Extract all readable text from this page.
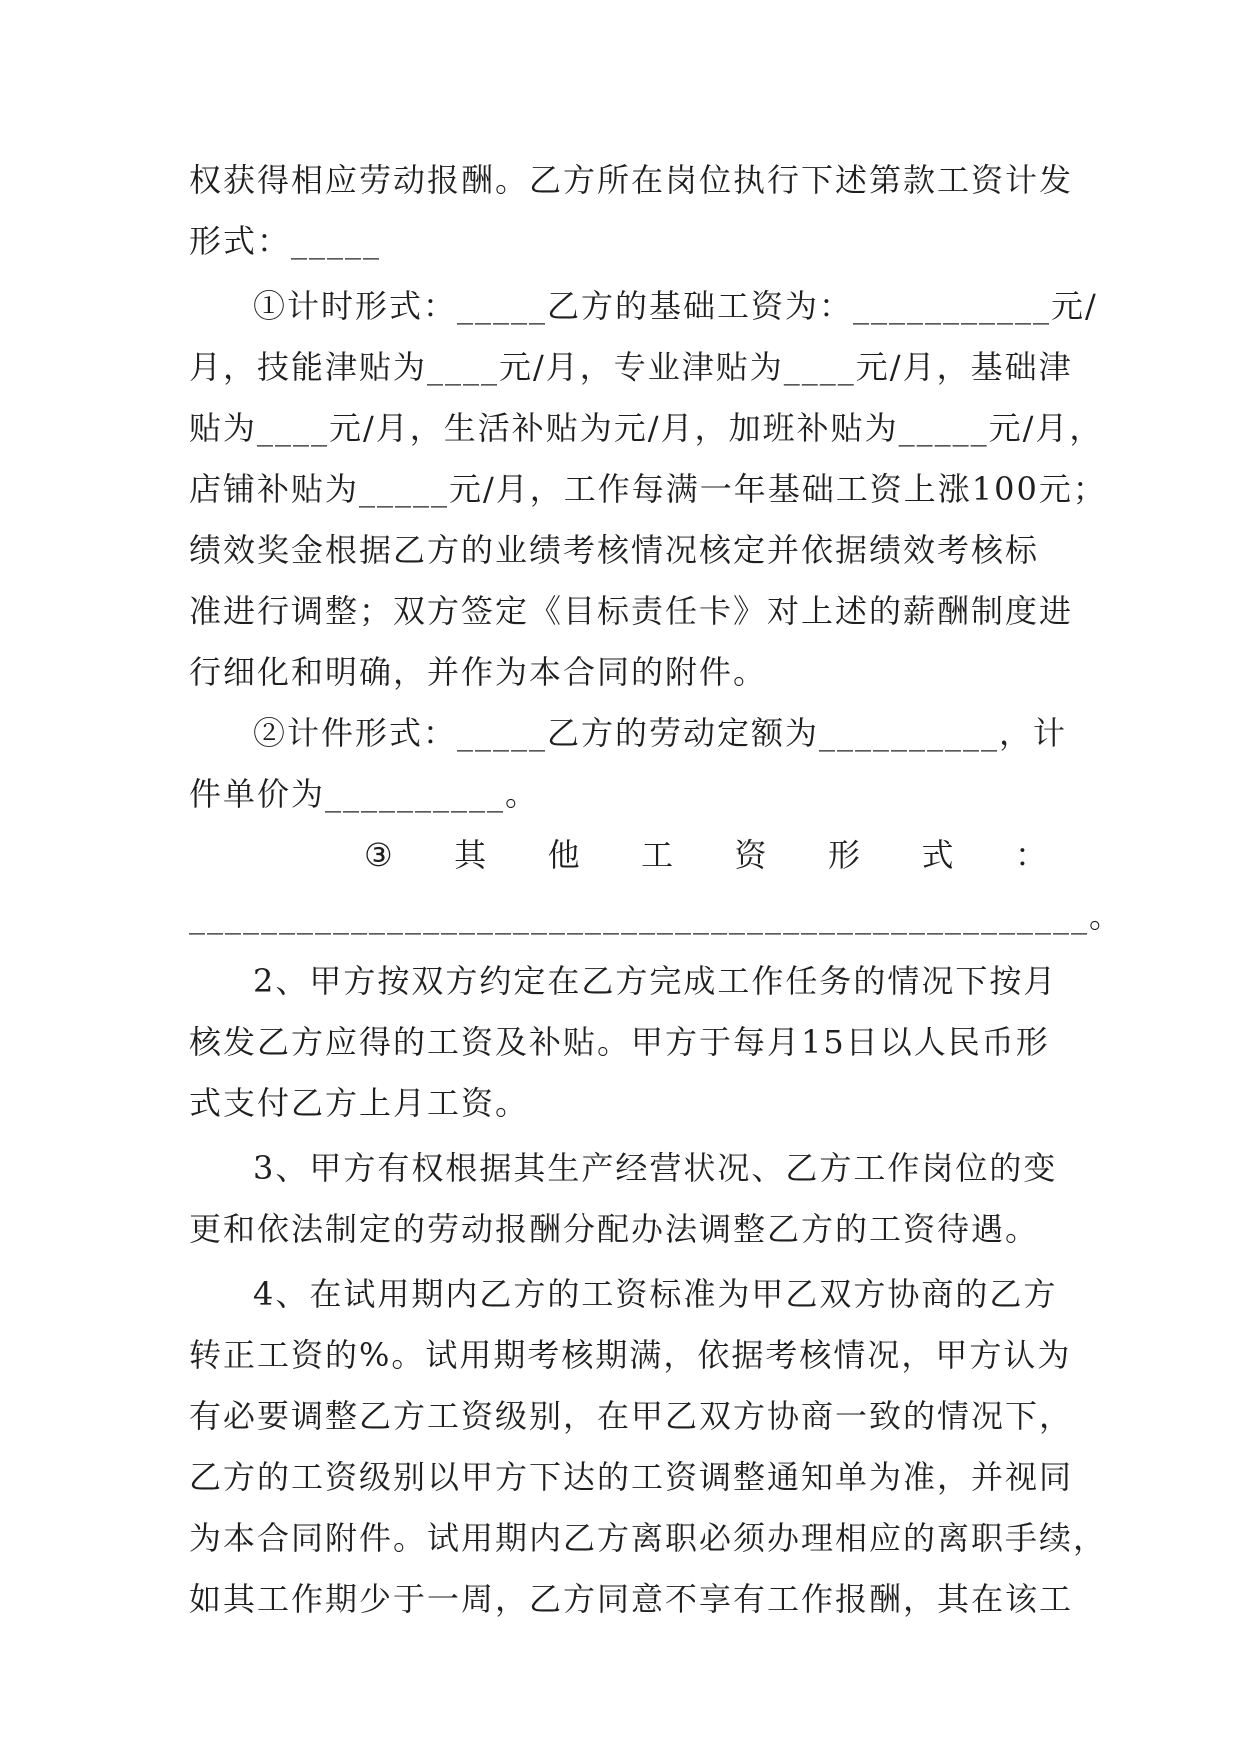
权获得相应劳动报酬。乙方所在岗位执行下述第款工资计发
形式：_____
①计时形式：_____乙方的基础工资为：___________元/
月，技能津贴为____元/月，专业津贴为____元/月，基础津
贴为____元/月，生活补贴为元/月，加班补贴为_____元/月，
店铺补贴为_____元/月，工作每满一年基础工资上涨100元；
绩效奖金根据乙方的业绩考核情况核定并依据绩效考核标
准进行调整；双方签定《目标责任卡》对上述的薪酬制度进
行细化和明确，并作为本合同的附件。
②计件形式：_____乙方的劳动定额为__________，计
件单价为__________。
③ 其 他 工 资 形 式 ：
__________________________________________________。
2、甲方按双方约定在乙方完成工作任务的情况下按月
核发乙方应得的工资及补贴。甲方于每月15日以人民币形
式支付乙方上月工资。
3、甲方有权根据其生产经营状况、乙方工作岗位的变
更和依法制定的劳动报酬分配办法调整乙方的工资待遇。
4、在试用期内乙方的工资标准为甲乙双方协商的乙方
转正工资的%。试用期考核期满，依据考核情况，甲方认为
有必要调整乙方工资级别，在甲乙双方协商一致的情况下，
乙方的工资级别以甲方下达的工资调整通知单为准，并视同
为本合同附件。试用期内乙方离职必须办理相应的离职手续，
如其工作期少于一周，乙方同意不享有工作报酬，其在该工
